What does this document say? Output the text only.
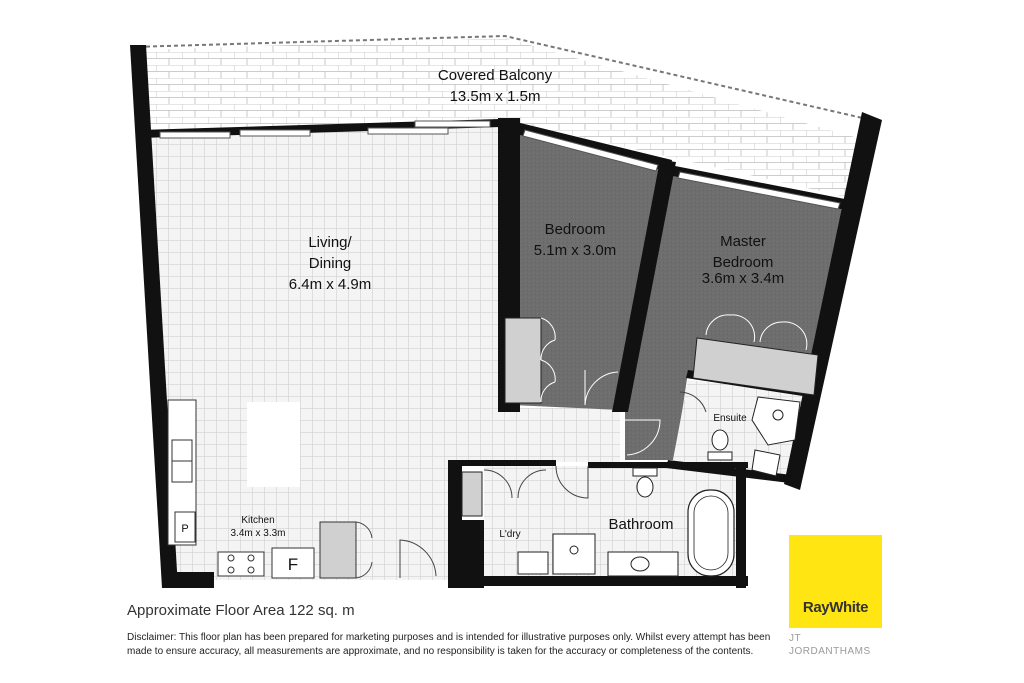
P
F
Covered Balcony
13.5m x 1.5m
Living/
Dining
6.4m x 4.9m
Bedroom
5.1m x 3.0m
Master
Bedroom
3.6m x 3.4m
Kitchen
3.4m x 3.3m
Ensuite
L'dry
Bathroom
Approximate Floor Area 122 sq. m
Disclaimer: This floor plan has been prepared for marketing purposes and is intended for illustrative purposes only. Whilst every attempt has been made to ensure accuracy, all measurements are approximate, and no responsibility is taken for the accuracy or completeness of the contents.
RayWhite
JT
JORDANTHAMS
